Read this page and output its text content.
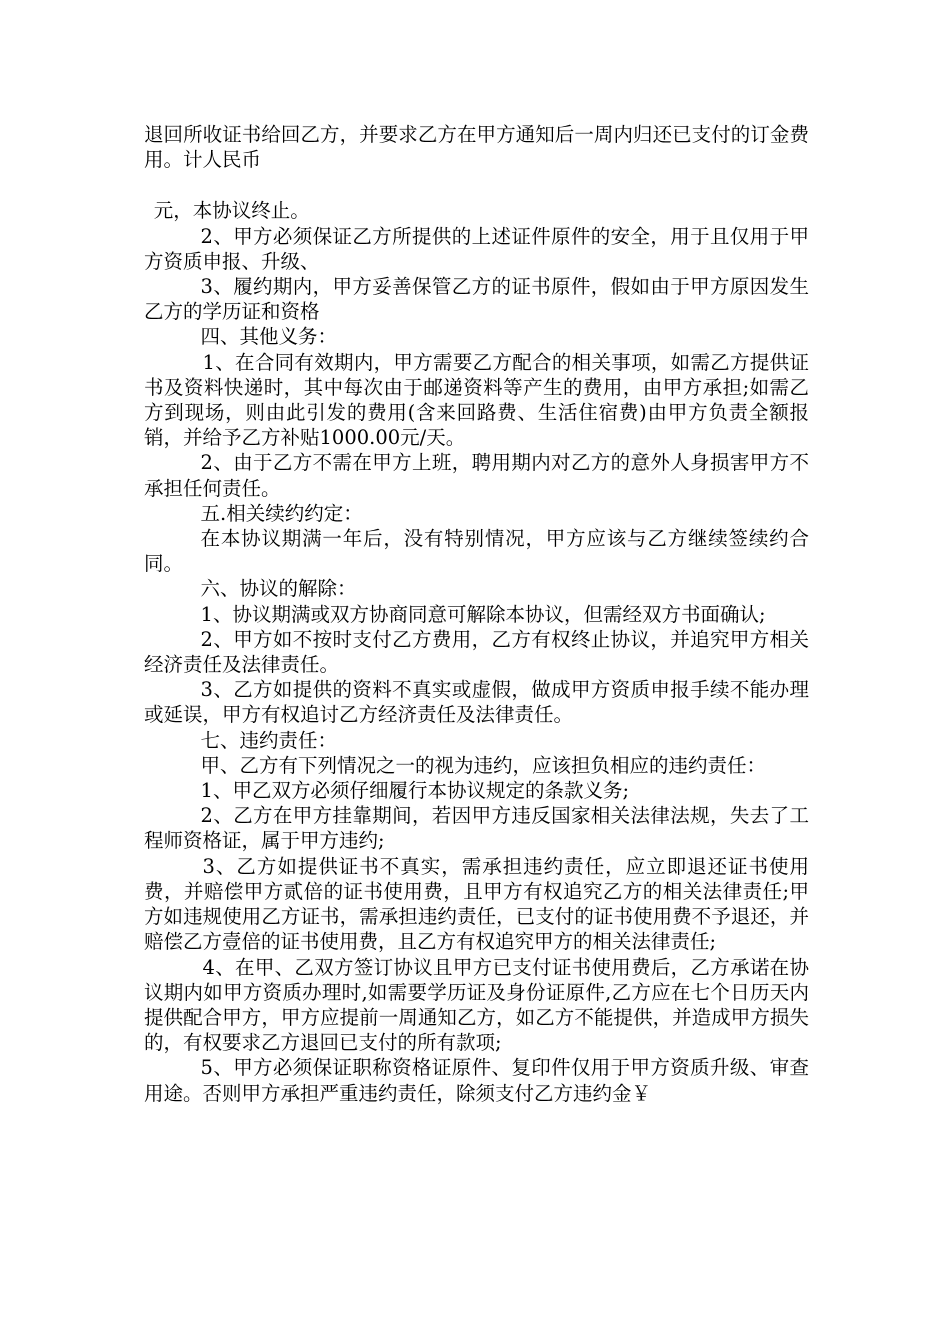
退回所收证书给回乙方，并要求乙方在甲方通知后一周内归还已支付的订金费用。计人民币

元，本协议终止。

2、甲方必须保证乙方所提供的上述证件原件的安全，用于且仅用于甲方资质申报、升级、

3、履约期内，甲方妥善保管乙方的证书原件，假如由于甲方原因发生乙方的学历证和资格

四、其他义务：

1、在合同有效期内，甲方需要乙方配合的相关事项，如需乙方提供证书及资料快递时，其中每次由于邮递资料等产生的费用，由甲方承担;如需乙方到现场，则由此引发的费用(含来回路费、生活住宿费)由甲方负责全额报销，并给予乙方补贴1000.00元/天。

2、由于乙方不需在甲方上班，聘用期内对乙方的意外人身损害甲方不承担任何责任。

五.相关续约约定：

在本协议期满一年后，没有特别情况，甲方应该与乙方继续签续约合同。

六、协议的解除：

1、协议期满或双方协商同意可解除本协议，但需经双方书面确认;

2、甲方如不按时支付乙方费用，乙方有权终止协议，并追究甲方相关经济责任及法律责任。

3、乙方如提供的资料不真实或虚假，做成甲方资质申报手续不能办理或延误，甲方有权追讨乙方经济责任及法律责任。

七、违约责任：

甲、乙方有下列情况之一的视为违约，应该担负相应的违约责任：

1、甲乙双方必须仔细履行本协议规定的条款义务;

2、乙方在甲方挂靠期间，若因甲方违反国家相关法律法规，失去了工程师资格证，属于甲方违约;

3、乙方如提供证书不真实，需承担违约责任，应立即退还证书使用费，并赔偿甲方贰倍的证书使用费，且甲方有权追究乙方的相关法律责任;甲方如违规使用乙方证书，需承担违约责任，已支付的证书使用费不予退还，并赔偿乙方壹倍的证书使用费，且乙方有权追究甲方的相关法律责任;

4、在甲、乙双方签订协议且甲方已支付证书使用费后，乙方承诺在协议期内如甲方资质办理时,如需要学历证及身份证原件,乙方应在七个日历天内提供配合甲方，甲方应提前一周通知乙方，如乙方不能提供，并造成甲方损失的，有权要求乙方退回已支付的所有款项;

5、甲方必须保证职称资格证原件、复印件仅用于甲方资质升级、审查用途。否则甲方承担严重违约责任，除须支付乙方违约金￥
